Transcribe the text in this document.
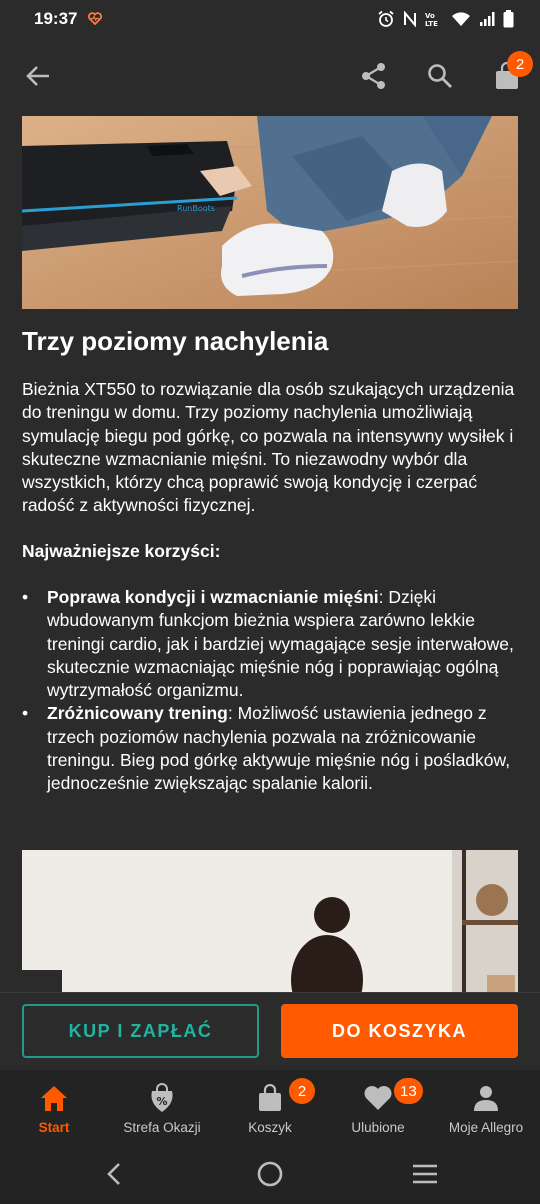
19:37	Vo
LTE
2
RunBoots
Trzy poziomy nachylenia

Bieżnia XT550 to rozwiązanie dla osób szukających urządzenia do treningu w domu. Trzy poziomy nachylenia umożliwiają symulację biegu pod górkę, co pozwala na intensywny wysiłek i skuteczne wzmacnianie mięśni. To niezawodny wybór dla wszystkich, którzy chcą poprawić swoją kondycję i czerpać radość z aktywności fizycznej.

Najważniejsze korzyści:
• Poprawa kondycji i wzmacnianie mięśni: Dzięki wbudowanym funkcjom bieżnia wspiera zarówno lekkie treningi cardio, jak i bardziej wymagające sesje interwałowe, skutecznie wzmacniając mięśnie nóg i poprawiając ogólną wytrzymałość organizmu.
• Zróżnicowany trening: Możliwość ustawienia jednego z trzech poziomów nachylenia pozwala na zróżnicowanie treningu. Bieg pod górkę aktywuje mięśnie nóg i pośladków, jednocześnie zwiększając spalanie kalorii.
KUP I ZAPŁAĆ	DO KOSZYKA
Start
%
Strefa Okazji
2
Koszyk
13
Ulubione	Moje Allegro
